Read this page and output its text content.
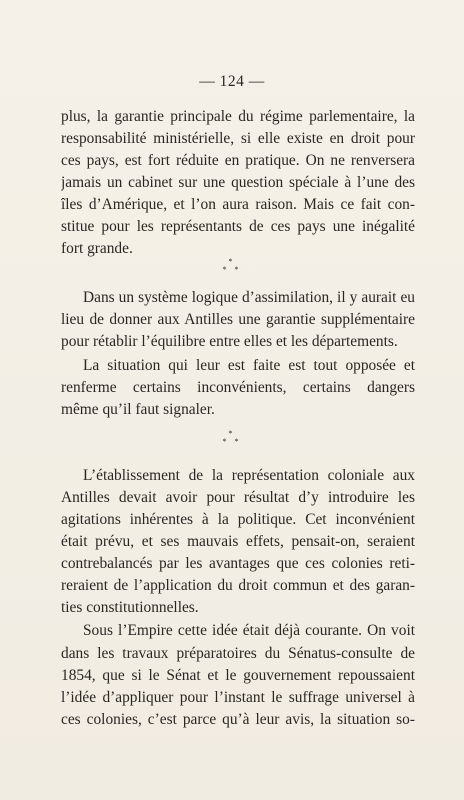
— 124 —
plus, la garantie principale du régime parlementaire, la
responsabilité ministérielle, si elle existe en droit pour
ces pays, est fort réduite en pratique. On ne renversera
jamais un cabinet sur une question spéciale à l’une des
îles d’Amérique, et l’on aura raison. Mais ce fait con-
stitue pour les représentants de ces pays une inégalité
fort grande.
*
* *
Dans un système logique d’assimilation, il y aurait eu
lieu de donner aux Antilles une garantie supplémentaire
pour rétablir l’équilibre entre elles et les départements.
La situation qui leur est faite est tout opposée et
renferme certains inconvénients, certains dangers
même qu’il faut signaler.
*
* *
L’établissement de la représentation coloniale aux
Antilles devait avoir pour résultat d’y introduire les
agitations inhérentes à la politique. Cet inconvénient
était prévu, et ses mauvais effets, pensait-on, seraient
contrebalancés par les avantages que ces colonies reti-
reraient de l’application du droit commun et des garan-
ties constitutionnelles.
Sous l’Empire cette idée était déjà courante. On voit
dans les travaux préparatoires du Sénatus-consulte de
1854, que si le Sénat et le gouvernement repoussaient
l’idée d’appliquer pour l’instant le suffrage universel à
ces colonies, c’est parce qu’à leur avis, la situation so-
